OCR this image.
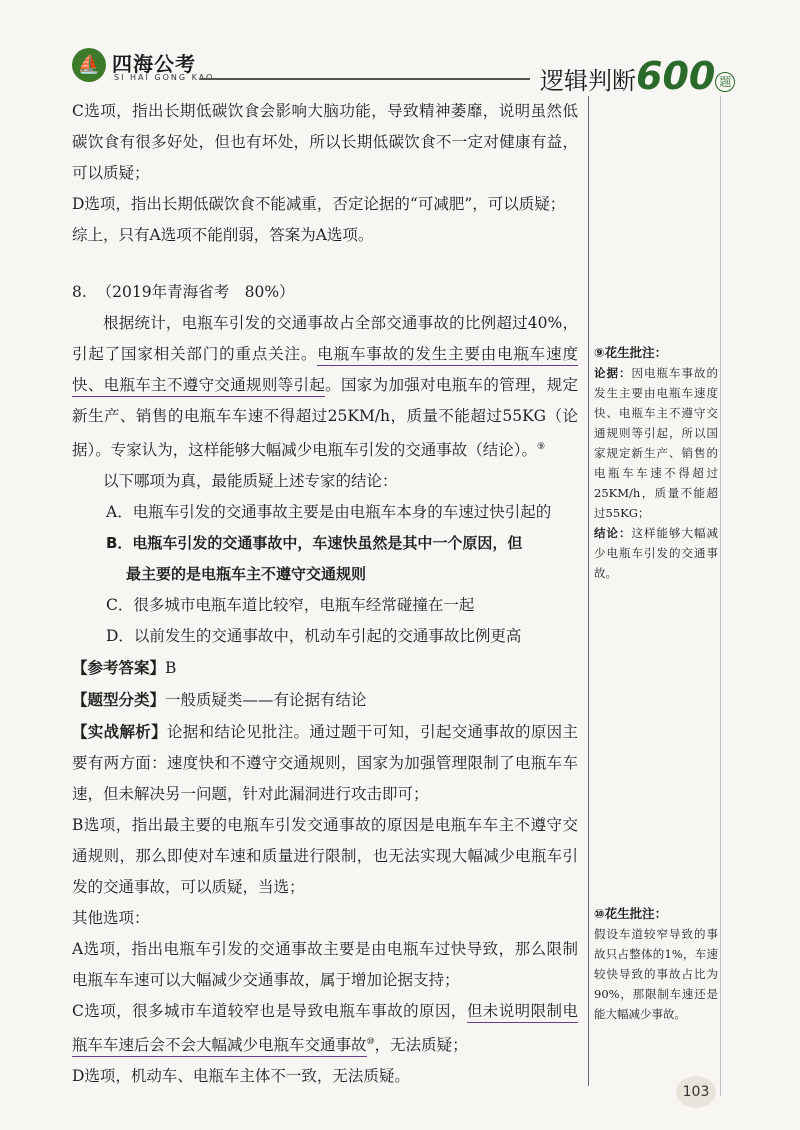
⛵ 四海公考
SI HAI GONG KAO	逻辑判断600 题

C选项，指出长期低碳饮食会影响大脑功能，导致精神萎靡，说明虽然低碳饮食有很多好处，但也有坏处，所以长期低碳饮食不一定对健康有益，可以质疑；

D选项，指出长期低碳饮食不能减重，否定论据的“可减肥”，可以质疑；

综上，只有A选项不能削弱，答案为A选项。

8. （2019年青海省考　80%）

根据统计，电瓶车引发的交通事故占全部交通事故的比例超过40%，引起了国家相关部门的重点关注。电瓶车事故的发生主要由电瓶车速度快、电瓶车主不遵守交通规则等引起。国家为加强对电瓶车的管理，规定新生产、销售的电瓶车车速不得超过25KM/h，质量不能超过55KG（论据）。专家认为，这样能够大幅减少电瓶车引发的交通事故（结论）。⑨

以下哪项为真，最能质疑上述专家的结论：

A．电瓶车引发的交通事故主要是由电瓶车本身的车速过快引起的

B．电瓶车引发的交通事故中，车速快虽然是其中一个原因，但
最主要的是电瓶车主不遵守交通规则

C．很多城市电瓶车道比较窄，电瓶车经常碰撞在一起

D．以前发生的交通事故中，机动车引起的交通事故比例更高

【参考答案】B

【题型分类】一般质疑类——有论据有结论

【实战解析】论据和结论见批注。通过题干可知，引起交通事故的原因主要有两方面：速度快和不遵守交通规则，国家为加强管理限制了电瓶车车速，但未解决另一问题，针对此漏洞进行攻击即可；

B选项，指出最主要的电瓶车引发交通事故的原因是电瓶车车主不遵守交通规则，那么即使对车速和质量进行限制，也无法实现大幅减少电瓶车引发的交通事故，可以质疑，当选；

其他选项：

A选项，指出电瓶车引发的交通事故主要是由电瓶车过快导致，那么限制电瓶车车速可以大幅减少交通事故，属于增加论据支持；

C选项，很多城市车道较窄也是导致电瓶车事故的原因，但未说明限制电瓶车车速后会不会大幅减少电瓶车交通事故⑩，无法质疑；

D选项，机动车、电瓶车主体不一致，无法质疑。

⑨花生批注：
论据：因电瓶车事故的发生主要由电瓶车速度快、电瓶车主不遵守交通规则等引起，所以国家规定新生产、销售的电瓶车车速不得超过25KM/h，质量不能超过55KG；
结论：这样能够大幅减少电瓶车引发的交通事故。
⑩花生批注：
假设车道较窄导致的事故只占整体的1%，车速较快导致的事故占比为90%，那限制车速还是能大幅减少事故。
103
